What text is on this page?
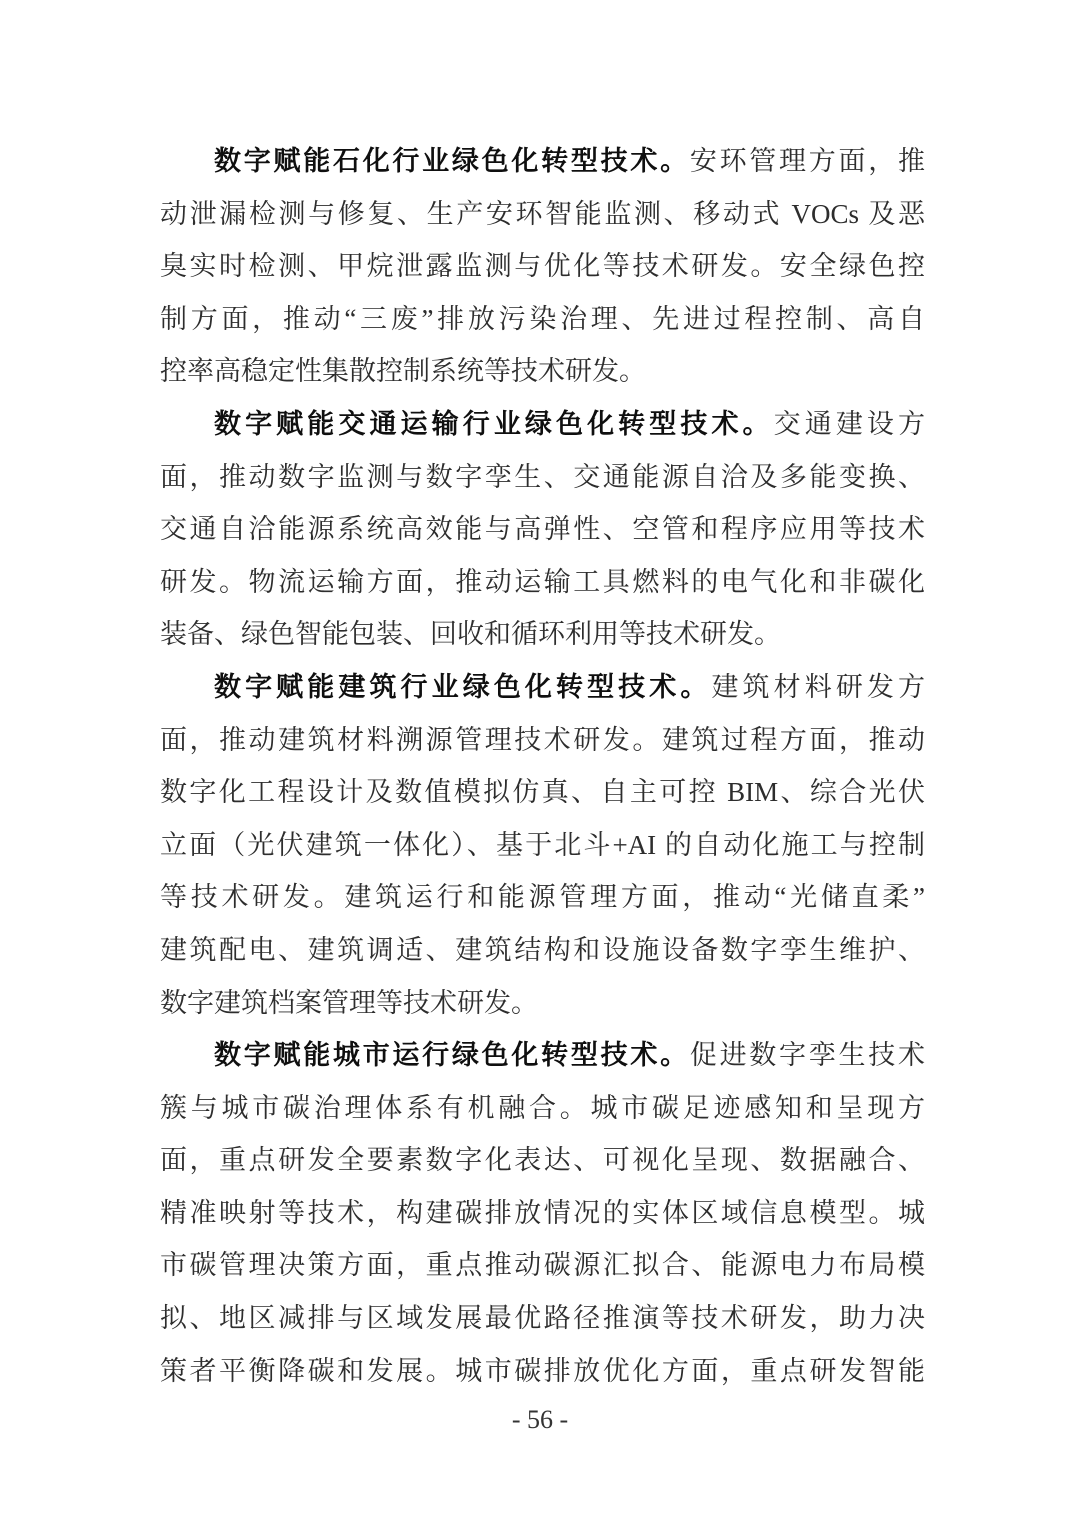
数字赋能石化行业绿色化转型技术。安环管理方面，推
动泄漏检测与修复、生产安环智能监测、移动式 VOCs 及恶
臭实时检测、甲烷泄露监测与优化等技术研发。安全绿色控
制方面，推动“三废”排放污染治理、先进过程控制、高自
控率高稳定性集散控制系统等技术研发。
数字赋能交通运输行业绿色化转型技术。交通建设方
面，推动数字监测与数字孪生、交通能源自洽及多能变换、
交通自洽能源系统高效能与高弹性、空管和程序应用等技术
研发。物流运输方面，推动运输工具燃料的电气化和非碳化
装备、绿色智能包装、回收和循环利用等技术研发。
数字赋能建筑行业绿色化转型技术。建筑材料研发方
面，推动建筑材料溯源管理技术研发。建筑过程方面，推动
数字化工程设计及数值模拟仿真、自主可控 BIM、综合光伏
立面（光伏建筑一体化）、基于北斗+AI 的自动化施工与控制
等技术研发。建筑运行和能源管理方面，推动“光储直柔”
建筑配电、建筑调适、建筑结构和设施设备数字孪生维护、
数字建筑档案管理等技术研发。
数字赋能城市运行绿色化转型技术。促进数字孪生技术
簇与城市碳治理体系有机融合。城市碳足迹感知和呈现方
面，重点研发全要素数字化表达、可视化呈现、数据融合、
精准映射等技术，构建碳排放情况的实体区域信息模型。城
市碳管理决策方面，重点推动碳源汇拟合、能源电力布局模
拟、地区减排与区域发展最优路径推演等技术研发，助力决
策者平衡降碳和发展。城市碳排放优化方面，重点研发智能
- 56 -
